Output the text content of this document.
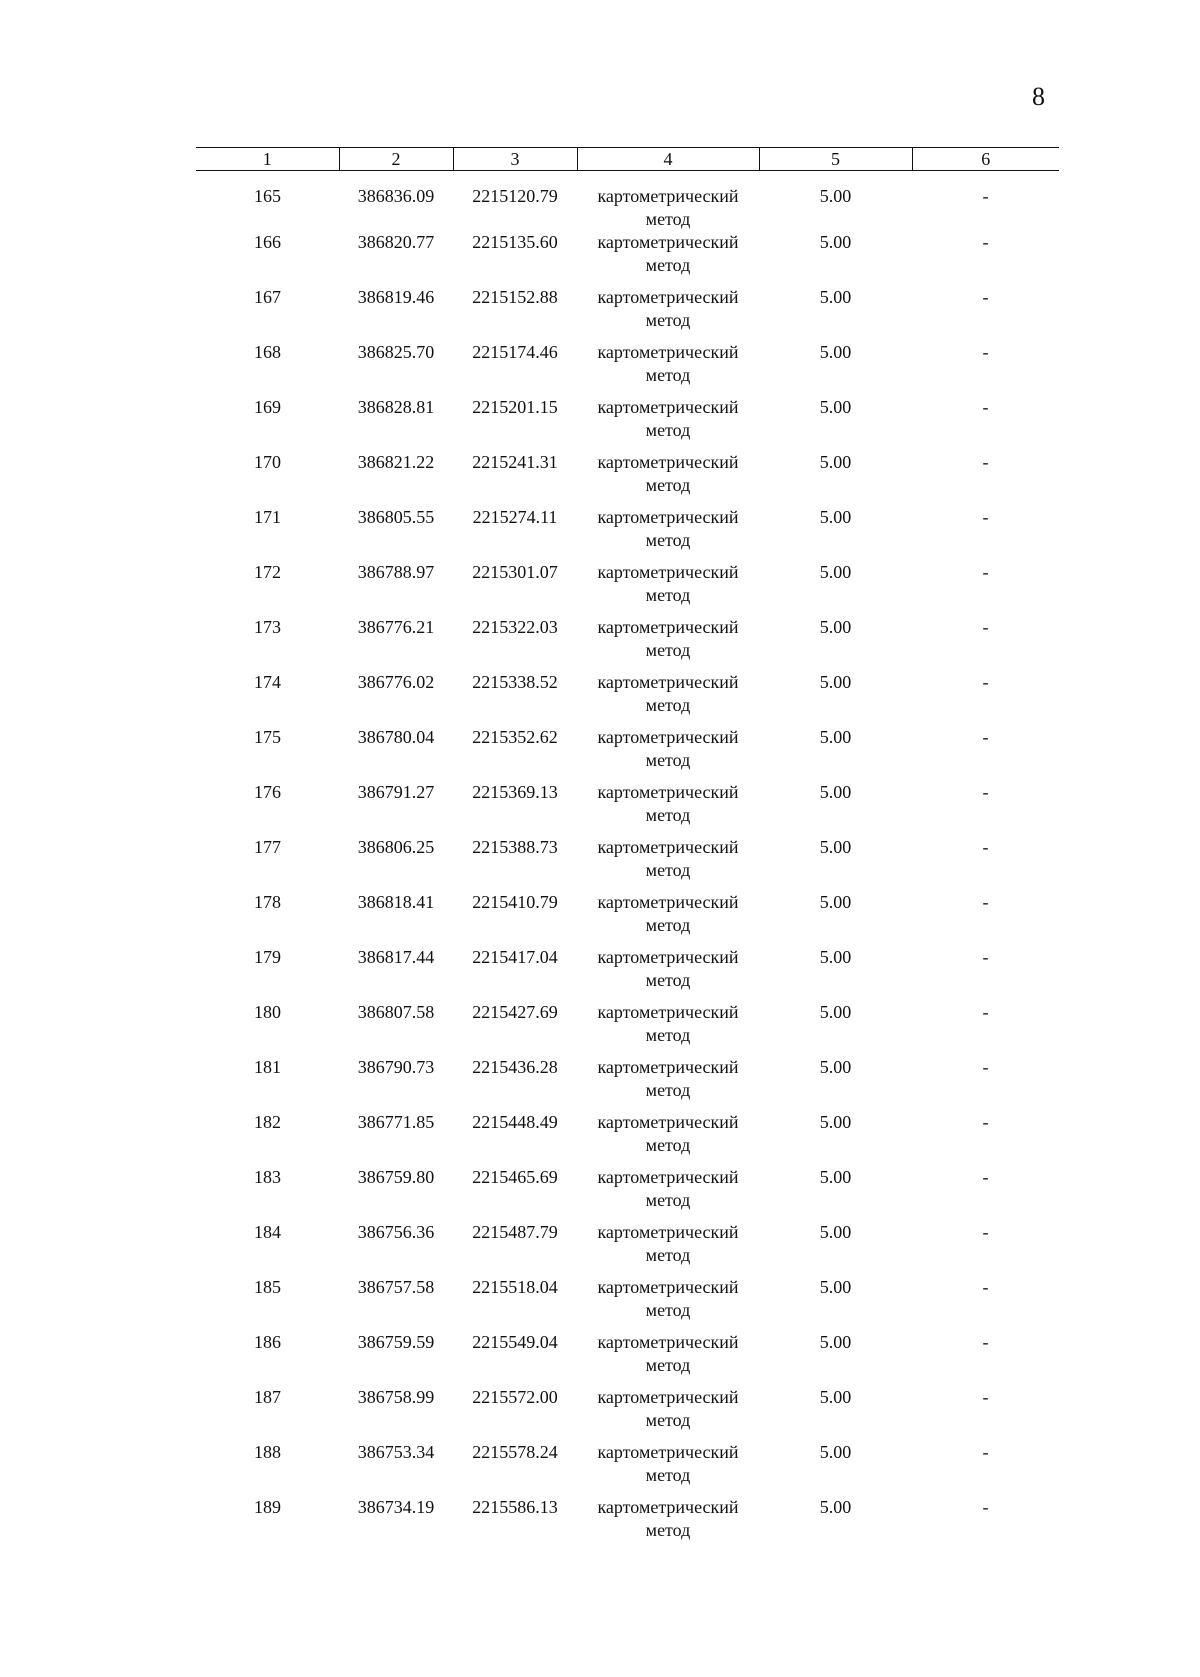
8
1	2	3	4	5	6

165	386836.09	2215120.79	картометрический
метод	5.00	-

166	386820.77	2215135.60	картометрический
метод	5.00	-

167	386819.46	2215152.88	картометрический
метод	5.00	-

168	386825.70	2215174.46	картометрический
метод	5.00	-

169	386828.81	2215201.15	картометрический
метод	5.00	-

170	386821.22	2215241.31	картометрический
метод	5.00	-

171	386805.55	2215274.11	картометрический
метод	5.00	-

172	386788.97	2215301.07	картометрический
метод	5.00	-

173	386776.21	2215322.03	картометрический
метод	5.00	-

174	386776.02	2215338.52	картометрический
метод	5.00	-

175	386780.04	2215352.62	картометрический
метод	5.00	-

176	386791.27	2215369.13	картометрический
метод	5.00	-

177	386806.25	2215388.73	картометрический
метод	5.00	-

178	386818.41	2215410.79	картометрический
метод	5.00	-

179	386817.44	2215417.04	картометрический
метод	5.00	-

180	386807.58	2215427.69	картометрический
метод	5.00	-

181	386790.73	2215436.28	картометрический
метод	5.00	-

182	386771.85	2215448.49	картометрический
метод	5.00	-

183	386759.80	2215465.69	картометрический
метод	5.00	-

184	386756.36	2215487.79	картометрический
метод	5.00	-

185	386757.58	2215518.04	картометрический
метод	5.00	-

186	386759.59	2215549.04	картометрический
метод	5.00	-

187	386758.99	2215572.00	картометрический
метод	5.00	-

188	386753.34	2215578.24	картометрический
метод	5.00	-

189	386734.19	2215586.13	картометрический
метод	5.00	-
